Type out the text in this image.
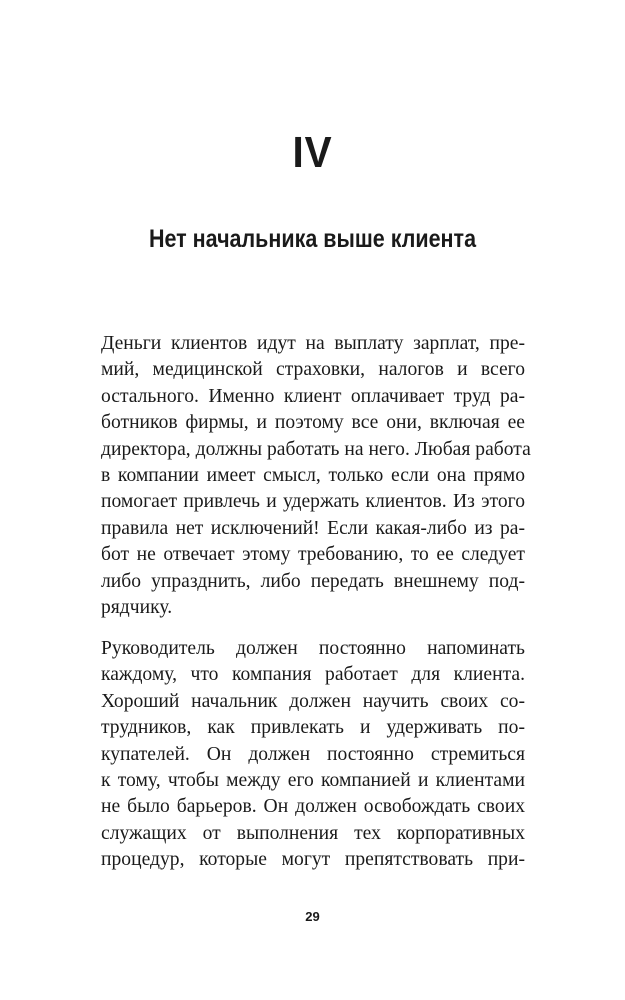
IV
Нет начальника выше клиента
Деньги клиентов идут на выплату зарплат, пре-
мий, медицинской страховки, налогов и всего
остального. Именно клиент оплачивает труд ра-
ботников фирмы, и поэтому все они, включая ее
директора, должны работать на него. Любая работа
в компании имеет смысл, только если она прямо
помогает привлечь и удержать клиентов. Из этого
правила нет исключений! Если какая-либо из ра-
бот не отвечает этому требованию, то ее следует
либо упразднить, либо передать внешнему под-
рядчику.
Руководитель должен постоянно напоминать
каждому, что компания работает для клиента.
Хороший начальник должен научить своих со-
трудников, как привлекать и удерживать по-
купателей. Он должен постоянно стремиться
к тому, чтобы между его компанией и клиентами
не было барьеров. Он должен освобождать своих
служащих от выполнения тех корпоративных
процедур, которые могут препятствовать при-
29
